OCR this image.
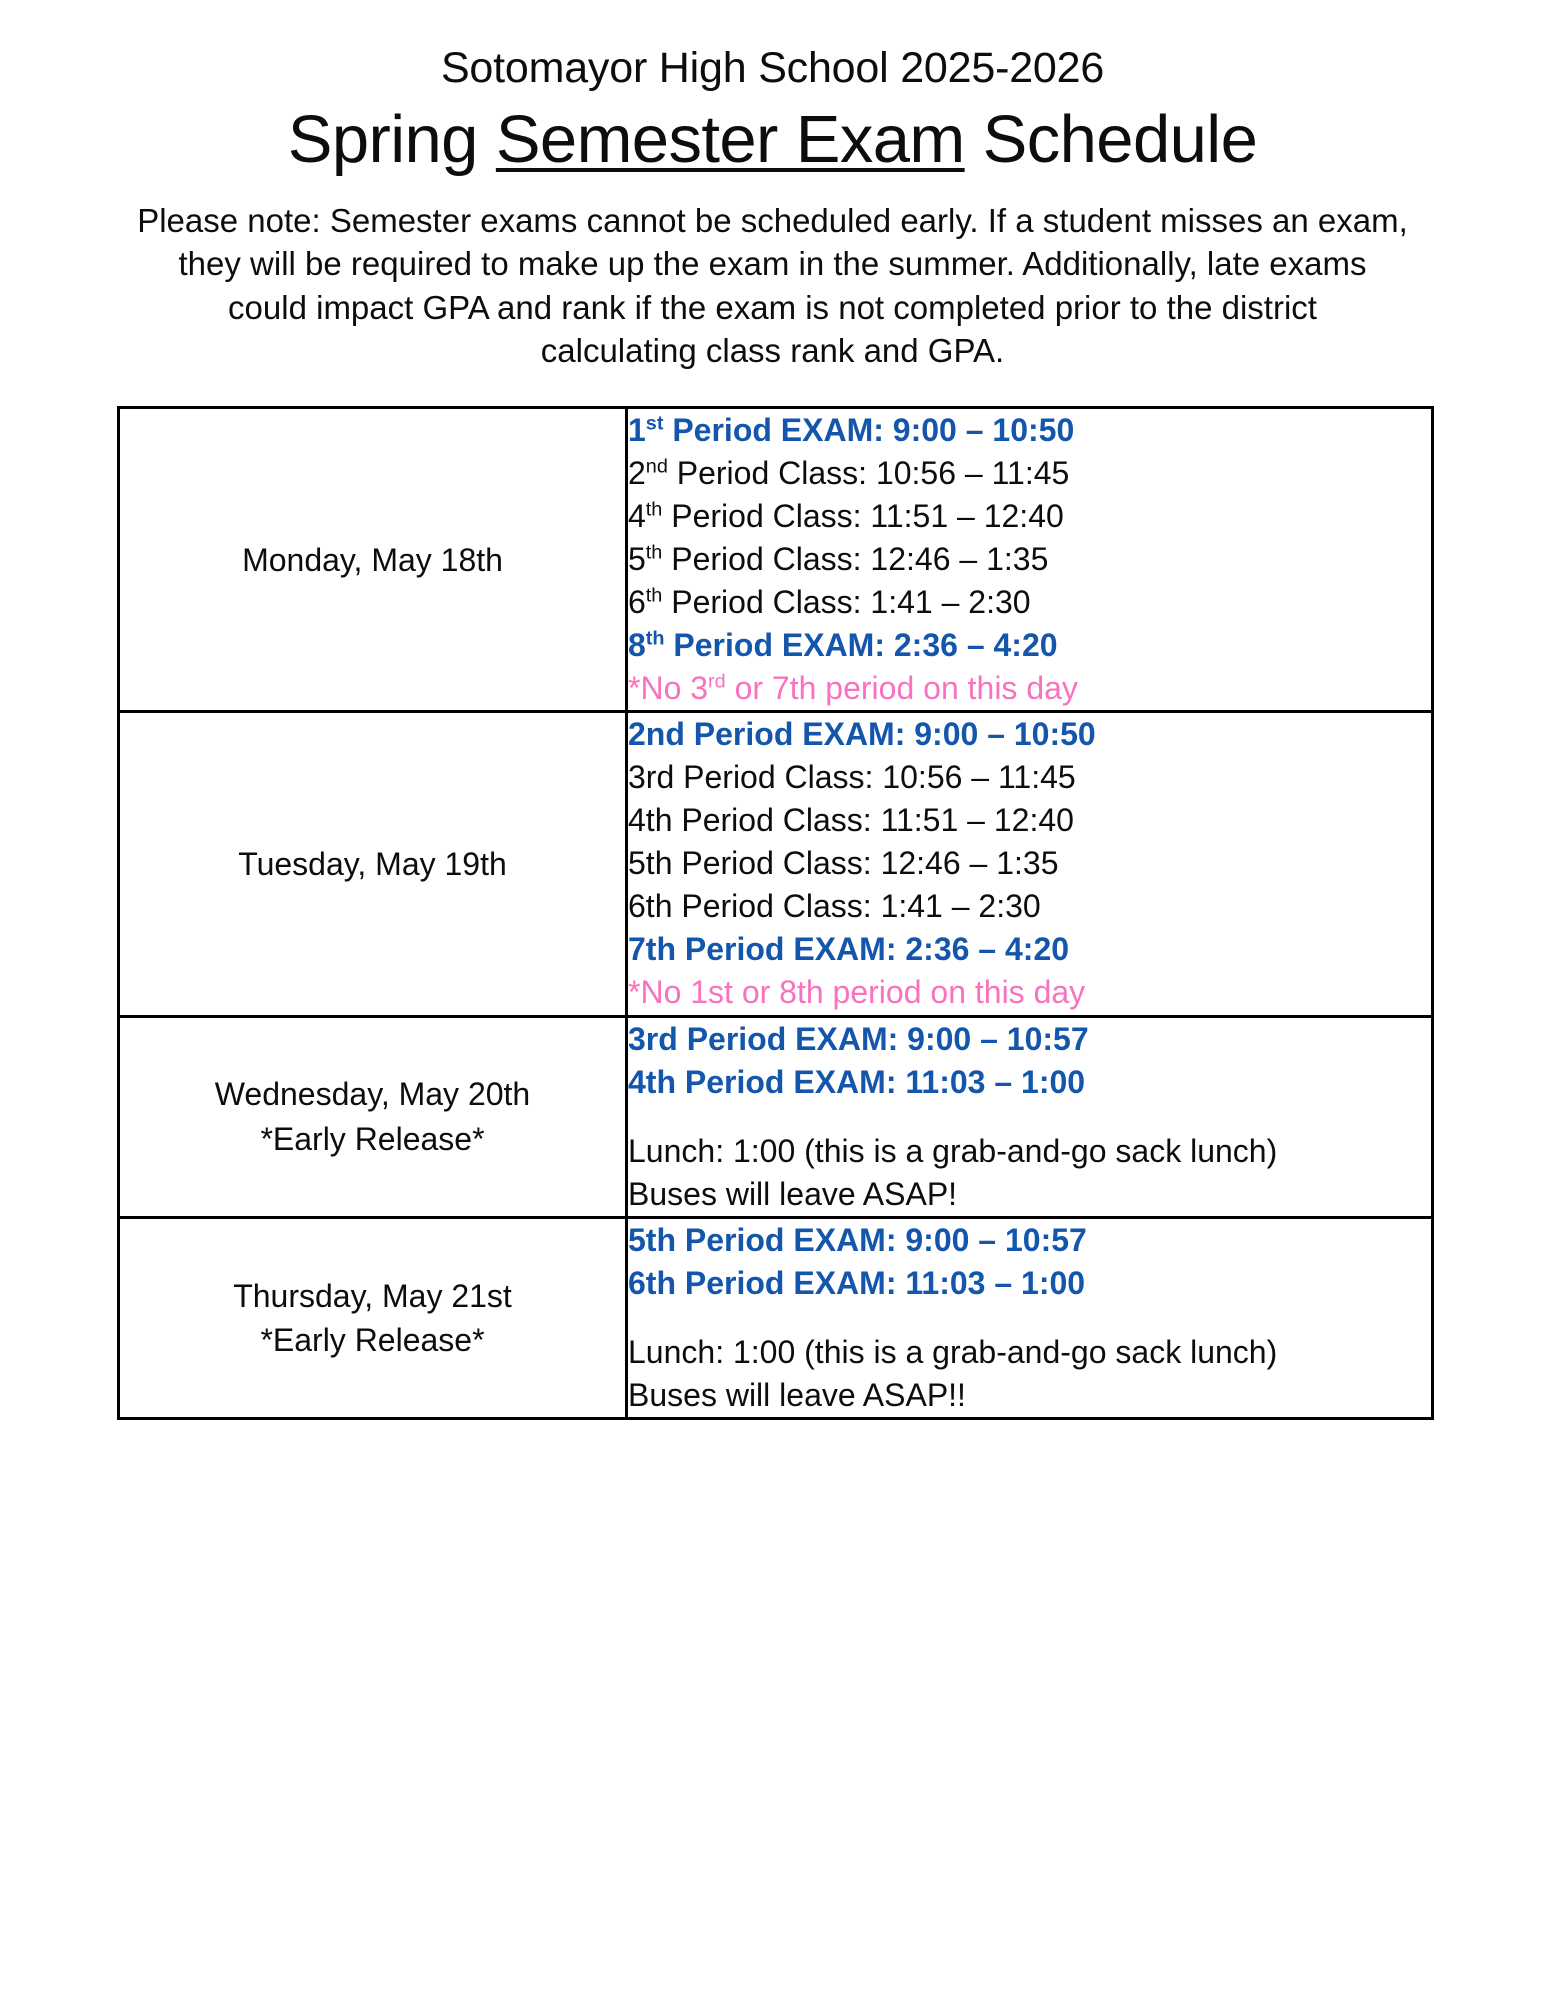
Sotomayor High School 2025-2026
Spring Semester Exam Schedule
Please note: Semester exams cannot be scheduled early. If a student misses an exam,
they will be required to make up the exam in the summer. Additionally, late exams
could impact GPA and rank if the exam is not completed prior to the district
calculating class rank and GPA.
Monday, May 18th	
1st Period EXAM: 9:00 – 10:50
2nd Period Class: 10:56 – 11:45
4th Period Class: 11:51 – 12:40
5th Period Class: 12:46 – 1:35
6th Period Class: 1:41 – 2:30
8th Period EXAM: 2:36 – 4:20
*No 3rd or 7th period on this day

Tuesday, May 19th	
2nd Period EXAM: 9:00 – 10:50
3rd Period Class: 10:56 – 11:45
4th Period Class: 11:51 – 12:40
5th Period Class: 12:46 – 1:35
6th Period Class: 1:41 – 2:30
7th Period EXAM: 2:36 – 4:20
*No 1st or 8th period on this day

Wednesday, May 20th
*Early Release*

3rd Period EXAM: 9:00 – 10:57
4th Period EXAM: 11:03 – 1:00
Lunch: 1:00 (this is a grab-and-go sack lunch)
Buses will leave ASAP!

Thursday, May 21st
*Early Release*

5th Period EXAM: 9:00 – 10:57
6th Period EXAM: 11:03 – 1:00
Lunch: 1:00 (this is a grab-and-go sack lunch)
Buses will leave ASAP!!
